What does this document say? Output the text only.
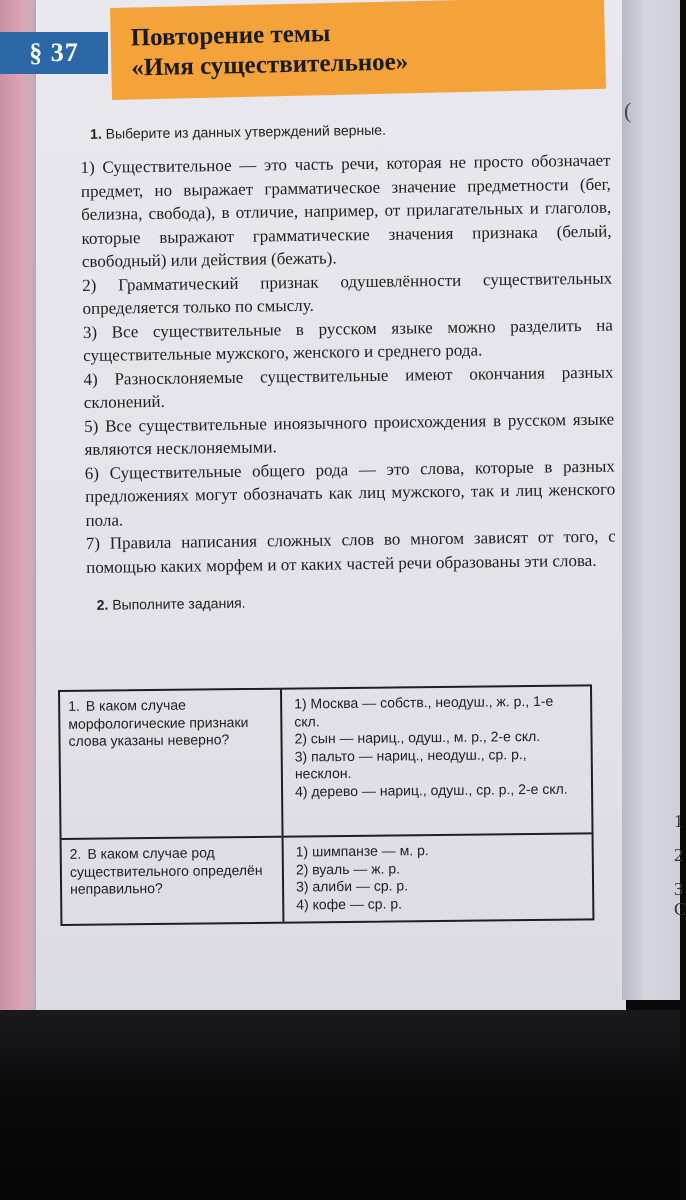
1
2
3
С
(
§ 37
Повторение темы
«Имя существительное»
1. Выберите из данных утверждений верные.

1) Существительное — это часть речи, которая не просто обозначает предмет, но выражает грамматическое значение предметности (бег, белизна, свобода), в отличие, например, от прилагательных и глаголов, которые выражают грамматические значения признака (белый, свободный) или действия (бежать).

2) Грамматический признак одушевлённости существительных определяется только по смыслу.

3) Все существительные в русском языке можно разделить на существительные мужского, женского и среднего рода.

4) Разносклоняемые существительные имеют окончания разных склонений.

5) Все существительные иноязычного происхождения в русском языке являются несклоняемыми.

6) Существительные общего рода — это слова, которые в разных предложениях могут обозначать как лиц мужского, так и лиц женского пола.

7) Правила написания сложных слов во многом зависят от того, с помощью каких морфем и от каких частей речи образованы эти слова.

2. Выполните задания.
1. В каком случае морфологические признаки слова указаны неверно?
1) Москва — собств., неодуш., ж. р., 1-е скл.
2) сын — нариц., одуш., м. р., 2-е скл.
3) пальто — нариц., неодуш., ср. р., несклон.
4) дерево — нариц., одуш., ср. р., 2-е скл.
2. В каком случае род существительного определён неправильно?
1) шимпанзе — м. р.
2) вуаль — ж. р.
3) алиби — ср. р.
4) кофе — ср. р.
